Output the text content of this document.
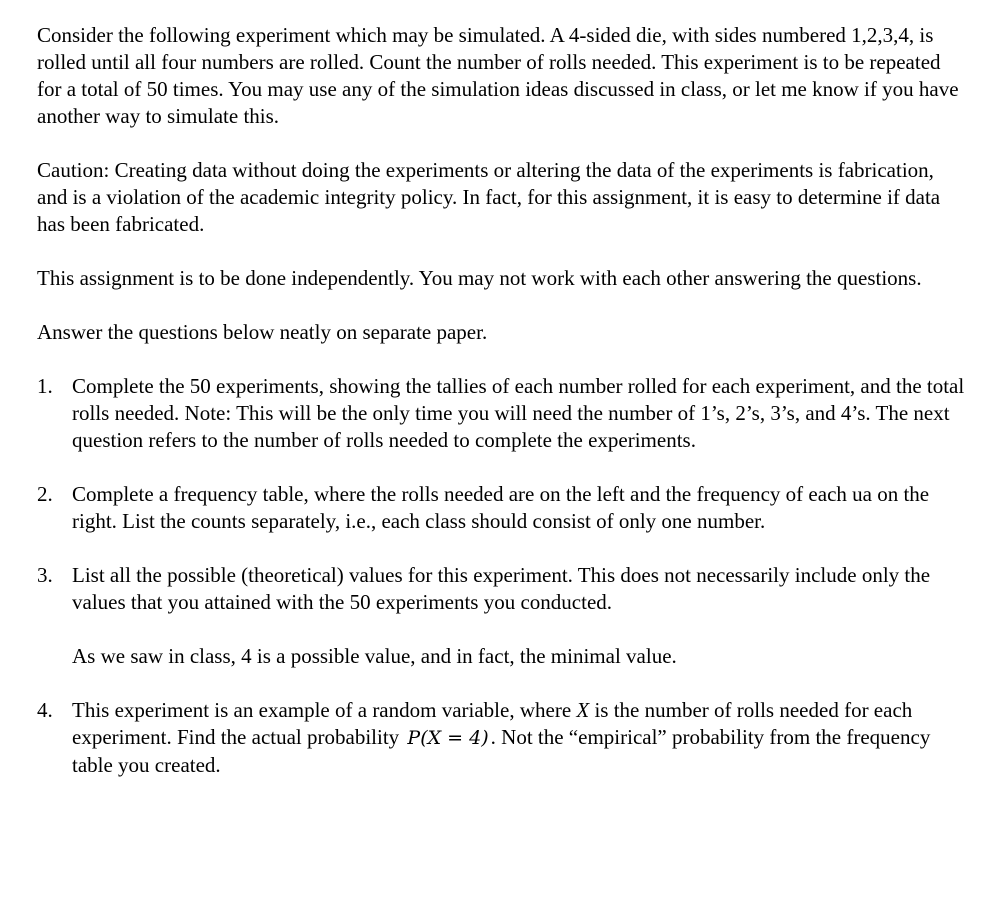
Consider the following experiment which may be simulated. A 4-sided die, with sides numbered 1,2,3,4, is rolled until all four numbers are rolled. Count the number of rolls needed. This experiment is to be repeated for a total of 50 times. You may use any of the simulation ideas discussed in class, or let me know if you have another way to simulate this.

Caution: Creating data without doing the experiments or altering the data of the experiments is fabrication, and is a violation of the academic integrity policy. In fact, for this assignment, it is easy to determine if data has been fabricated.

This assignment is to be done independently. You may not work with each other answering the questions.

Answer the questions below neatly on separate paper.

1. Complete the 50 experiments, showing the tallies of each number rolled for each experiment, and the total rolls needed. Note: This will be the only time you will need the number of 1’s, 2’s, 3’s, and 4’s. The next question refers to the number of rolls needed to complete the experiments.
2. Complete a frequency table, where the rolls needed are on the left and the frequency of each ua on the right. List the counts separately, i.e., each class should consist of only one number.
3. List all the possible (theoretical) values for this experiment. This does not necessarily include only the values that you attained with the 50 experiments you conducted.
As we saw in class, 4 is a possible value, and in fact, the minimal value.
4. This experiment is an example of a random variable, where X is the number of rolls needed for each experiment. Find the actual probability P(X = 4). Not the “empirical” probability from the frequency table you created.
